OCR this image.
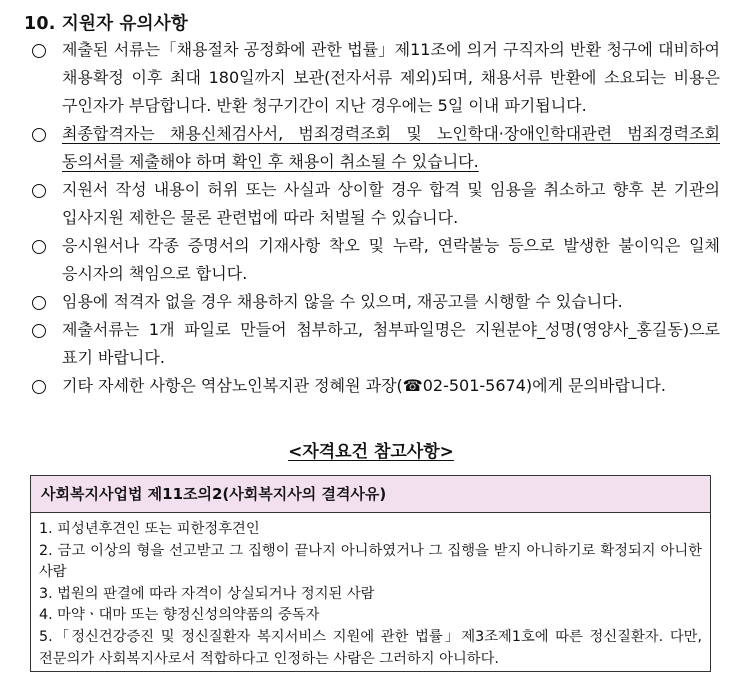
10. 지원자 유의사항
제출된 서류는「채용절차 공정화에 관한 법률」제11조에 의거 구직자의 반환 청구에 대비하여 채용확정 이후 최대 180일까지 보관(전자서류 제외)되며, 채용서류 반환에 소요되는 비용은 구인자가 부담합니다. 반환 청구기간이 지난 경우에는 5일 이내 파기됩니다.
최종합격자는 채용신체검사서, 범죄경력조회 및 노인학대·장애인학대관련 범죄경력조회 동의서를 제출해야 하며 확인 후 채용이 취소될 수 있습니다.
지원서 작성 내용이 허위 또는 사실과 상이할 경우 합격 및 임용을 취소하고 향후 본 기관의 입사지원 제한은 물론 관련법에 따라 처벌될 수 있습니다.
응시원서나 각종 증명서의 기재사항 착오 및 누락, 연락불능 등으로 발생한 불이익은 일체 응시자의 책임으로 합니다.
임용에 적격자 없을 경우 채용하지 않을 수 있으며, 재공고를 시행할 수 있습니다.
제출서류는 1개 파일로 만들어 첨부하고, 첨부파일명은 지원분야_성명(영양사_홍길동)으로 표기 바랍니다.
기타 자세한 사항은 역삼노인복지관 정혜원 과장(☎02-501-5674)에게 문의바랍니다.
<자격요건 참고사항>
사회복지사업법 제11조의2(사회복지사의 결격사유)
1. 피성년후견인 또는 피한정후견인
2. 금고 이상의 형을 선고받고 그 집행이 끝나지 아니하였거나 그 집행을 받지 아니하기로 확정되지 아니한 사람
3. 법원의 판결에 따라 자격이 상실되거나 정지된 사람
4. 마약ㆍ대마 또는 향정신성의약품의 중독자
5.「정신건강증진 및 정신질환자 복지서비스 지원에 관한 법률」제3조제1호에 따른 정신질환자. 다만, 전문의가 사회복지사로서 적합하다고 인정하는 사람은 그러하지 아니하다.
